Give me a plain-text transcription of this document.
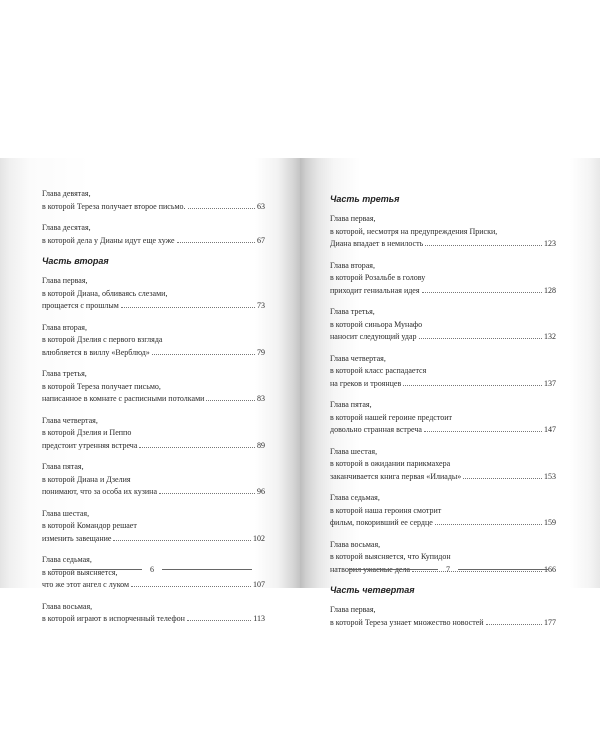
Глава девятая,
в которой Тереза получает второе письмо.	63
Глава десятая,
в которой дела у Дианы идут еще хуже	67
Часть вторая
Глава первая,
в которой Диана, обливаясь слезами,
прощается с прошлым	73
Глава вторая,
в которой Дзелия с первого взгляда
влюбляется в виллу «Верблюд»	79
Глава третья,
в которой Тереза получает письмо,
написанное в комнате с расписными потолками	83
Глава четвертая,
в которой Дзелия и Пеппо
предстоит утренняя встреча	89
Глава пятая,
в которой Диана и Дзелия
понимают, что за особа их кузина	96
Глава шестая,
в которой Командор решает
изменить завещание	102
Глава седьмая,
в которой выясняется,
что же этот ангел с луком	107
Глава восьмая,
в которой играют в испорченный телефон	113
6
Часть третья
Глава первая,
в которой, несмотря на предупреждения Приски,
Диана впадает в немилость	123
Глава вторая,
в которой Розальбе в голову
приходит гениальная идея	128
Глава третья,
в которой синьора Мунафо
наносит следующий удар	132
Глава четвертая,
в которой класс распадается
на греков и троянцев	137
Глава пятая,
в которой нашей героине предстоит
довольно странная встреча	147
Глава шестая,
в которой в ожидании парикмахера
заканчивается книга первая «Илиады»	153
Глава седьмая,
в которой наша героиня смотрит
фильм, покоривший ее сердце	159
Глава восьмая,
в которой выясняется, что Купидон
натворил ужасные дела	166
Часть четвертая
Глава первая,
в которой Тереза узнает множество новостей	177
7
